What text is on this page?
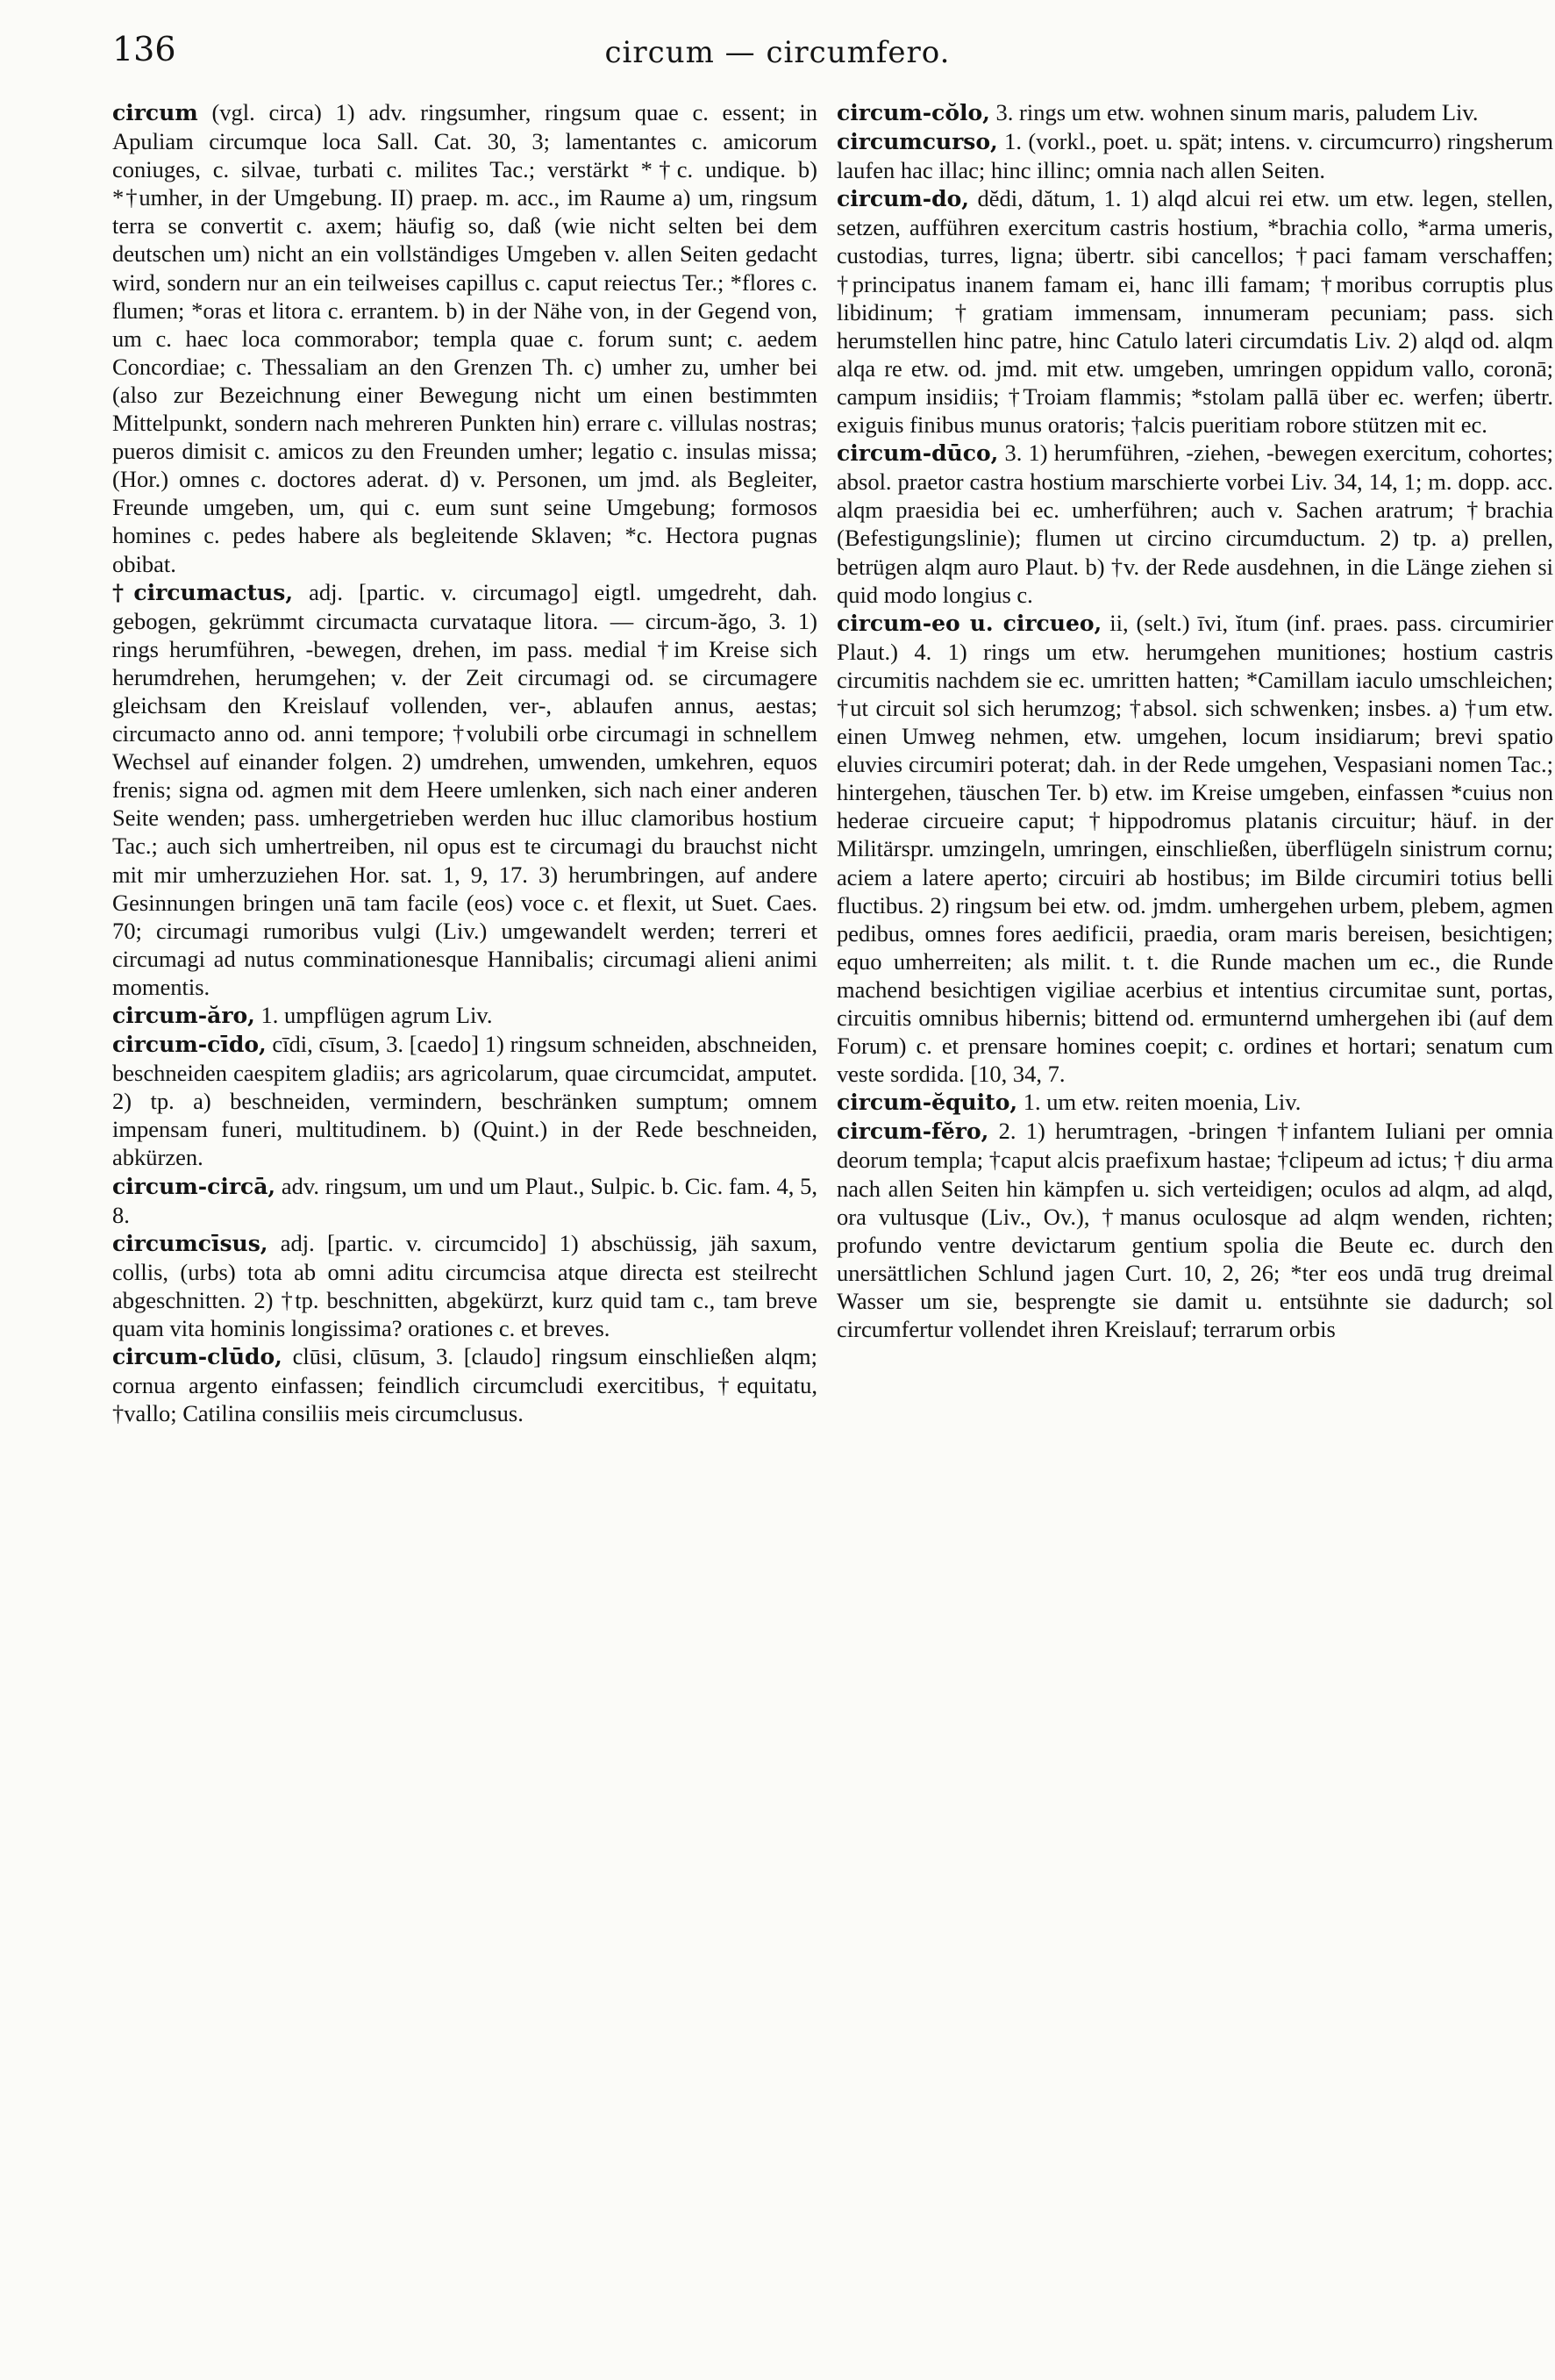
136	circum — circumfero.

circum (vgl. circa) 1) adv. ringsumher, ringsum quae c. essent; in Apuliam circumque loca Sall. Cat. 30, 3; lamentantes c. amicorum coniuges, c. silvae, turbati c. milites Tac.; verstärkt *†c. undique. b) *†umher, in der Umgebung. II) praep. m. acc., im Raume a) um, ringsum terra se convertit c. axem; häufig so, daß (wie nicht selten bei dem deutschen um) nicht an ein vollständiges Umgeben v. allen Seiten gedacht wird, sondern nur an ein teilweises capillus c. caput reiectus Ter.; *flores c. flumen; *oras et litora c. errantem. b) in der Nähe von, in der Gegend von, um c. haec loca commorabor; templa quae c. forum sunt; c. aedem Concordiae; c. Thessaliam an den Grenzen Th. c) umher zu, umher bei (also zur Bezeichnung einer Bewegung nicht um einen bestimmten Mittelpunkt, sondern nach mehreren Punkten hin) errare c. villulas nostras; pueros dimisit c. amicos zu den Freunden umher; legatio c. insulas missa; (Hor.) omnes c. doctores aderat. d) v. Personen, um jmd. als Begleiter, Freunde umgeben, um, qui c. eum sunt seine Umgebung; formosos homines c. pedes habere als begleitende Sklaven; *c. Hectora pugnas obibat.

†circumactus, adj. [partic. v. circumago] eigtl. umgedreht, dah. gebogen, gekrümmt circumacta curvataque litora. — circum-ăgo, 3. 1) rings herumführen, -bewegen, drehen, im pass. medial †im Kreise sich herumdrehen, herumgehen; v. der Zeit circumagi od. se circumagere gleichsam den Kreislauf vollenden, ver-, ablaufen annus, aestas; circumacto anno od. anni tempore; †volubili orbe circumagi in schnellem Wechsel auf einander folgen. 2) umdrehen, umwenden, umkehren, equos frenis; signa od. agmen mit dem Heere umlenken, sich nach einer anderen Seite wenden; pass. umhergetrieben werden huc illuc clamoribus hostium Tac.; auch sich umhertreiben, nil opus est te circumagi du brauchst nicht mit mir umherzuziehen Hor. sat. 1, 9, 17. 3) herumbringen, auf andere Gesinnungen bringen unā tam facile (eos) voce c. et flexit, ut Suet. Caes. 70; circumagi rumoribus vulgi (Liv.) umgewandelt werden; terreri et circumagi ad nutus comminationesque Hannibalis; circumagi alieni animi momentis.

circum-ăro, 1. umpflügen agrum Liv.

circum-cīdo, cīdi, cīsum, 3. [caedo] 1) ringsum schneiden, abschneiden, beschneiden caespitem gladiis; ars agricolarum, quae circumcidat, amputet. 2) tp. a) beschneiden, vermindern, beschränken sumptum; omnem impensam funeri, multitudinem. b) (Quint.) in der Rede beschneiden, abkürzen.

circum-circā, adv. ringsum, um und um Plaut., Sulpic. b. Cic. fam. 4, 5, 8.

circumcīsus, adj. [partic. v. circumcido] 1) abschüssig, jäh saxum, collis, (urbs) tota ab omni aditu circumcisa atque directa est steilrecht abgeschnitten. 2) †tp. beschnitten, abgekürzt, kurz quid tam c., tam breve quam vita hominis longissima? orationes c. et breves.

circum-clūdo, clūsi, clūsum, 3. [claudo] ringsum einschließen alqm; cornua argento einfassen; feindlich circumcludi exercitibus, †equitatu, †vallo; Catilina consiliis meis circumclusus.

circum-cŏlo, 3. rings um etw. wohnen sinum maris, paludem Liv.

circumcurso, 1. (vorkl., poet. u. spät; intens. v. circumcurro) ringsherum laufen hac illac; hinc illinc; omnia nach allen Seiten.

circum-do, dĕdi, dătum, 1. 1) alqd alcui rei etw. um etw. legen, stellen, setzen, aufführen exercitum castris hostium, *brachia collo, *arma umeris, custodias, turres, ligna; übertr. sibi cancellos; †paci famam verschaffen; †principatus inanem famam ei, hanc illi famam; †moribus corruptis plus libidinum; †gratiam immensam, innumeram pecuniam; pass. sich herumstellen hinc patre, hinc Catulo lateri circumdatis Liv. 2) alqd od. alqm alqa re etw. od. jmd. mit etw. umgeben, umringen oppidum vallo, coronā; campum insidiis; †Troiam flammis; *stolam pallā über ec. werfen; übertr. exiguis finibus munus oratoris; †alcis pueritiam robore stützen mit ec.

circum-dūco, 3. 1) herumführen, -ziehen, -bewegen exercitum, cohortes; absol. praetor castra hostium marschierte vorbei Liv. 34, 14, 1; m. dopp. acc. alqm praesidia bei ec. umherführen; auch v. Sachen aratrum; †brachia (Befestigungslinie); flumen ut circino circumductum. 2) tp. a) prellen, betrügen alqm auro Plaut. b) †v. der Rede ausdehnen, in die Länge ziehen si quid modo longius c.

circum-eo u. circueo, ii, (selt.) īvi, ĭtum (inf. praes. pass. circumirier Plaut.) 4. 1) rings um etw. herumgehen munitiones; hostium castris circumitis nachdem sie ec. umritten hatten; *Camillam iaculo umschleichen; †ut circuit sol sich herumzog; †absol. sich schwenken; insbes. a) †um etw. einen Umweg nehmen, etw. umgehen, locum insidiarum; brevi spatio eluvies circumiri poterat; dah. in der Rede umgehen, Vespasiani nomen Tac.; hintergehen, täuschen Ter. b) etw. im Kreise umgeben, einfassen *cuius non hederae circueire caput; †hippodromus platanis circuitur; häuf. in der Militärspr. umzingeln, umringen, einschließen, überflügeln sinistrum cornu; aciem a latere aperto; circuiri ab hostibus; im Bilde circumiri totius belli fluctibus. 2) ringsum bei etw. od. jmdm. umhergehen urbem, plebem, agmen pedibus, omnes fores aedificii, praedia, oram maris bereisen, besichtigen; equo umherreiten; als milit. t. t. die Runde machen um ec., die Runde machend besichtigen vigiliae acerbius et intentius circumitae sunt, portas, circuitis omnibus hibernis; bittend od. ermunternd umhergehen ibi (auf dem Forum) c. et prensare homines coepit; c. ordines et hortari; senatum cum veste sordida. [10, 34, 7.

circum-ĕquito, 1. um etw. reiten moenia, Liv.

circum-fĕro, 2. 1) herumtragen, -bringen †infantem Iuliani per omnia deorum templa; †caput alcis praefixum hastae; †clipeum ad ictus; † diu arma nach allen Seiten hin kämpfen u. sich verteidigen; oculos ad alqm, ad alqd, ora vultusque (Liv., Ov.), †manus oculosque ad alqm wenden, richten; profundo ventre devictarum gentium spolia die Beute ec. durch den unersättlichen Schlund jagen Curt. 10, 2, 26; *ter eos undā trug dreimal Wasser um sie, besprengte sie damit u. entsühnte sie dadurch; sol circumfertur vollendet ihren Kreislauf; terrarum orbis
